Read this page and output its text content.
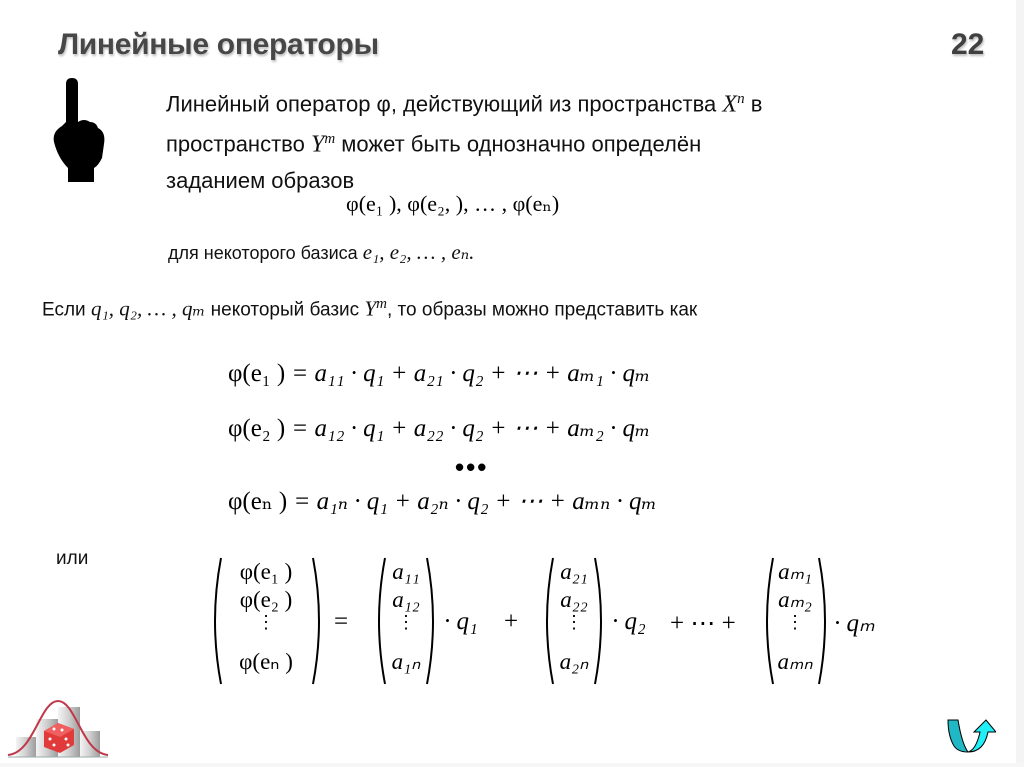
Линейные операторы	22
Линейный оператор φ, действующий из пространства $X^n$ в
пространство $Y^m$ может быть однозначно определён
заданием образов
φ(e₁ ), φ(e₂, ), … , φ(eₙ)
для некоторого базиса e₁, e₂, … , eₙ.
Если q₁, q₂, … , qₘ некоторый базис $Y^m$, то образы можно представить как
φ(e₁ ) = a₁₁ · q₁ + a₂₁ · q₂ + ⋯ + aₘ₁ · qₘ
φ(e₂ ) = a₁₂ · q₁ + a₂₂ · q₂ + ⋯ + aₘ₂ · qₘ
•••
φ(eₙ ) = a₁ₙ · q₁ + a₂ₙ · q₂ + ⋯ + aₘₙ · qₘ
или
φ(e₁ )
φ(e₂ )
⋮
φ(eₙ )
=
a₁₁
a₁₂
⋮
a₁ₙ
· q₁ +
a₂₁
a₂₂
⋮
a₂ₙ
· q₂ + ⋯ +
aₘ₁
aₘ₂
⋮
aₘₙ
· qₘ
